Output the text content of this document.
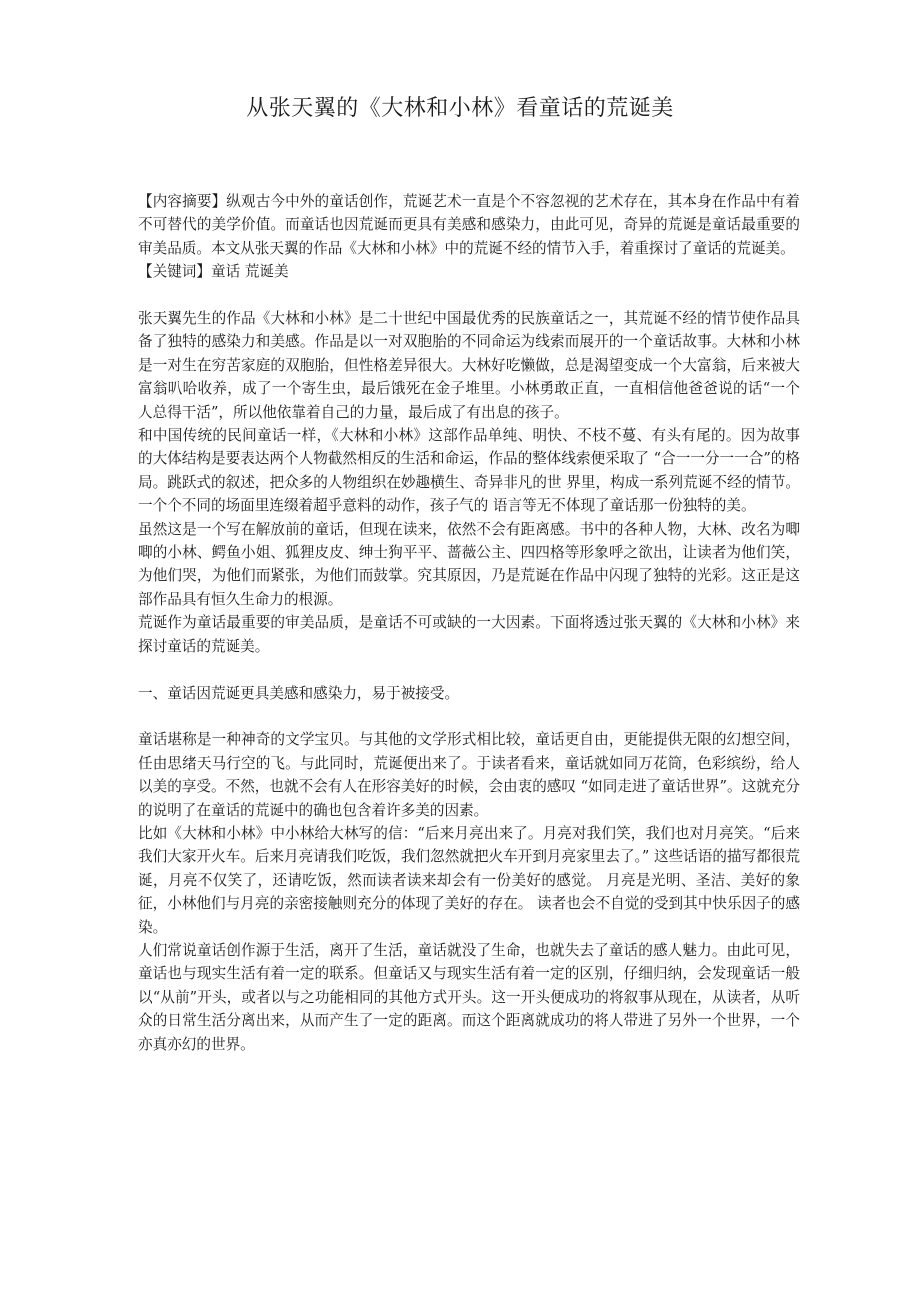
从张天翼的《大林和小林》看童话的荒诞美

【内容摘要】纵观古今中外的童话创作，荒诞艺术一直是个不容忽视的艺术存在，其本身在作品中有着不可替代的美学价值。而童话也因荒诞而更具有美感和感染力，由此可见，奇异的荒诞是童话最重要的审美品质。本文从张天翼的作品《大林和小林》中的荒诞不经的情节入手，着重探讨了童话的荒诞美。

【关键词】童话 荒诞美

张天翼先生的作品《大林和小林》是二十世纪中国最优秀的民族童话之一，其荒诞不经的情节使作品具备了独特的感染力和美感。作品是以一对双胞胎的不同命运为线索而展开的一个童话故事。大林和小林是一对生在穷苦家庭的双胞胎，但性格差异很大。大林好吃懒做，总是渴望变成一个大富翁，后来被大富翁叭哈收养，成了一个寄生虫，最后饿死在金子堆里。小林勇敢正直，一直相信他爸爸说的话“一个人总得干活”，所以他依靠着自己的力量，最后成了有出息的孩子。

和中国传统的民间童话一样，《大林和小林》这部作品单纯、明快、不枝不蔓、有头有尾的。因为故事的大体结构是要表达两个人物截然相反的生活和命运，作品的整体线索便采取了 “合一一分一一合”的格局。跳跃式的叙述，把众多的人物组织在妙趣横生、奇异非凡的世 界里，构成一系列荒诞不经的情节。一个个不同的场面里连缀着超乎意料的动作，孩子气的 语言等无不体现了童话那一份独特的美。

虽然这是一个写在解放前的童话，但现在读来，依然不会有距离感。书中的各种人物，大林、改名为唧唧的小林、鳄鱼小姐、狐狸皮皮、绅士狗平平、蔷薇公主、四四格等形象呼之欲出，让读者为他们笑，为他们哭，为他们而紧张，为他们而鼓掌。究其原因，乃是荒诞在作品中闪现了独特的光彩。这正是这部作品具有恒久生命力的根源。

荒诞作为童话最重要的审美品质，是童话不可或缺的一大因素。下面将透过张天翼的《大林和小林》来探讨童话的荒诞美。

一、童话因荒诞更具美感和感染力，易于被接受。

童话堪称是一种神奇的文学宝贝。与其他的文学形式相比较，童话更自由，更能提供无限的幻想空间，任由思绪天马行空的飞。与此同时，荒诞便出来了。于读者看来，童话就如同万花筒，色彩缤纷，给人以美的享受。不然，也就不会有人在形容美好的时候，会由衷的感叹 “如同走进了童话世界”。这就充分的说明了在童话的荒诞中的确也包含着许多美的因素。

比如《大林和小林》中小林给大林写的信：“后来月亮出来了。月亮对我们笑，我们也对月亮笑。“后来我们大家开火车。后来月亮请我们吃饭，我们忽然就把火车开到月亮家里去了。” 这些话语的描写都很荒诞，月亮不仅笑了，还请吃饭，然而读者读来却会有一份美好的感觉。 月亮是光明、圣洁、美好的象征，小林他们与月亮的亲密接触则充分的体现了美好的存在。 读者也会不自觉的受到其中快乐因子的感染。

人们常说童话创作源于生活，离开了生活，童话就没了生命，也就失去了童话的感人魅力。由此可见，童话也与现实生活有着一定的联系。但童话又与现实生活有着一定的区别，仔细归纳，会发现童话一般以“从前”开头，或者以与之功能相同的其他方式开头。这一开头便成功的将叙事从现在，从读者，从听众的日常生活分离出来，从而产生了一定的距离。而这个距离就成功的将人带进了另外一个世界，一个亦真亦幻的世界。
